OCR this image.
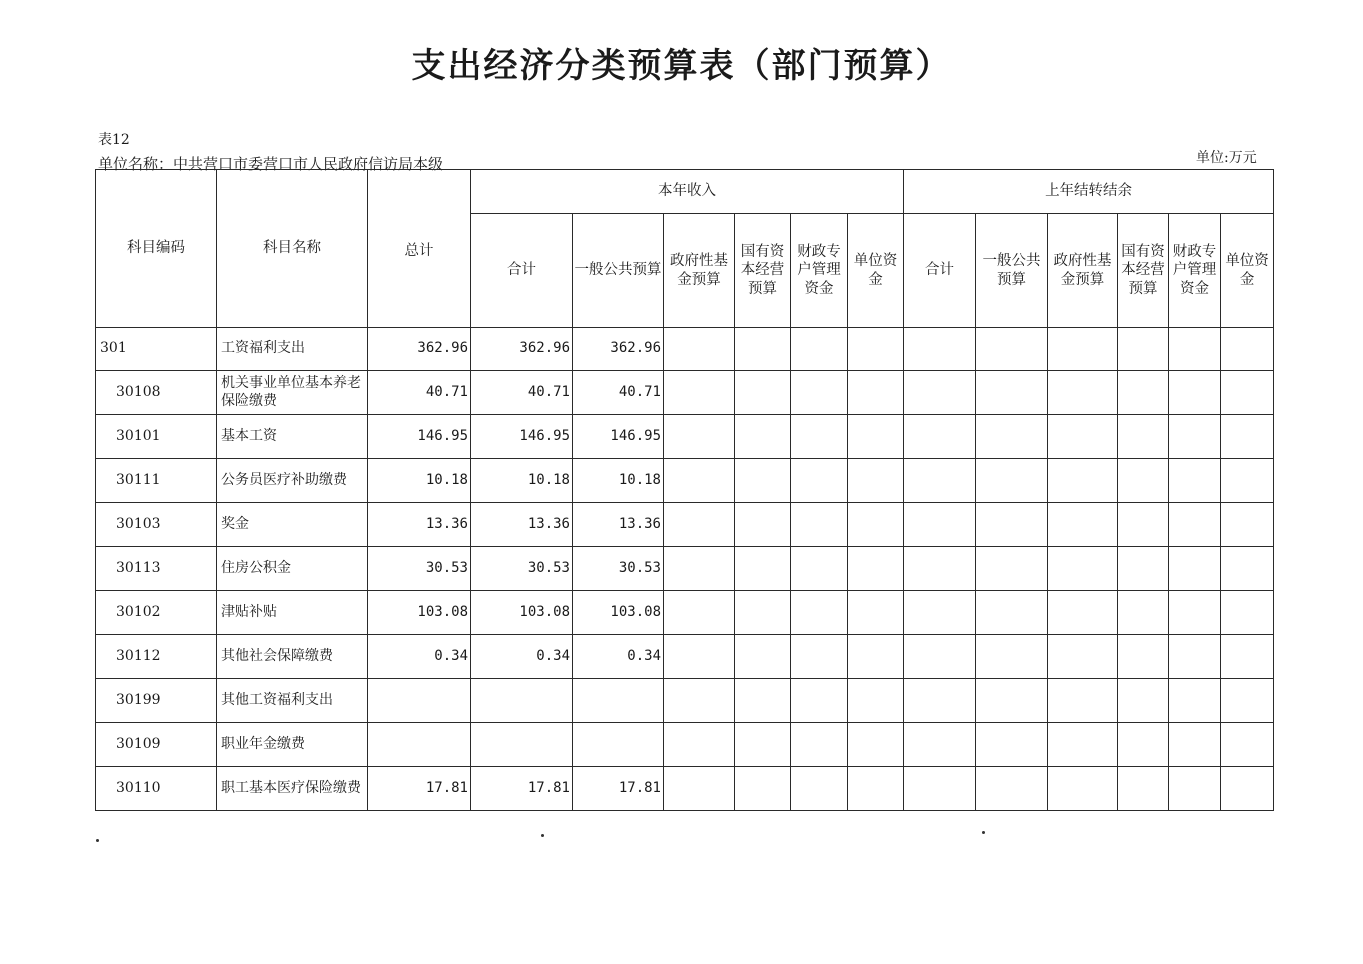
支出经济分类预算表（部门预算）
表12
单位名称：中共营口市委营口市人民政府信访局本级	单位:万元
科目编码	科目名称	总计	本年收入						上年结转结余					
			合计	一般公共预算	政府性基金预算	国有资本经营预算	财政专户管理资金	单位资金	合计	一般公共预算	政府性基金预算	国有资本经营预算	财政专户管理资金	单位资金
301	工资福利支出	362.96	362.96	362.96										
30108	机关事业单位基本养老保险缴费	40.71	40.71	40.71										
30101	基本工资	146.95	146.95	146.95										
30111	公务员医疗补助缴费	10.18	10.18	10.18										
30103	奖金	13.36	13.36	13.36										
30113	住房公积金	30.53	30.53	30.53										
30102	津贴补贴	103.08	103.08	103.08										
30112	其他社会保障缴费	0.34	0.34	0.34										
30199	其他工资福利支出													
30109	职业年金缴费													
30110	职工基本医疗保险缴费	17.81	17.81	17.81										
